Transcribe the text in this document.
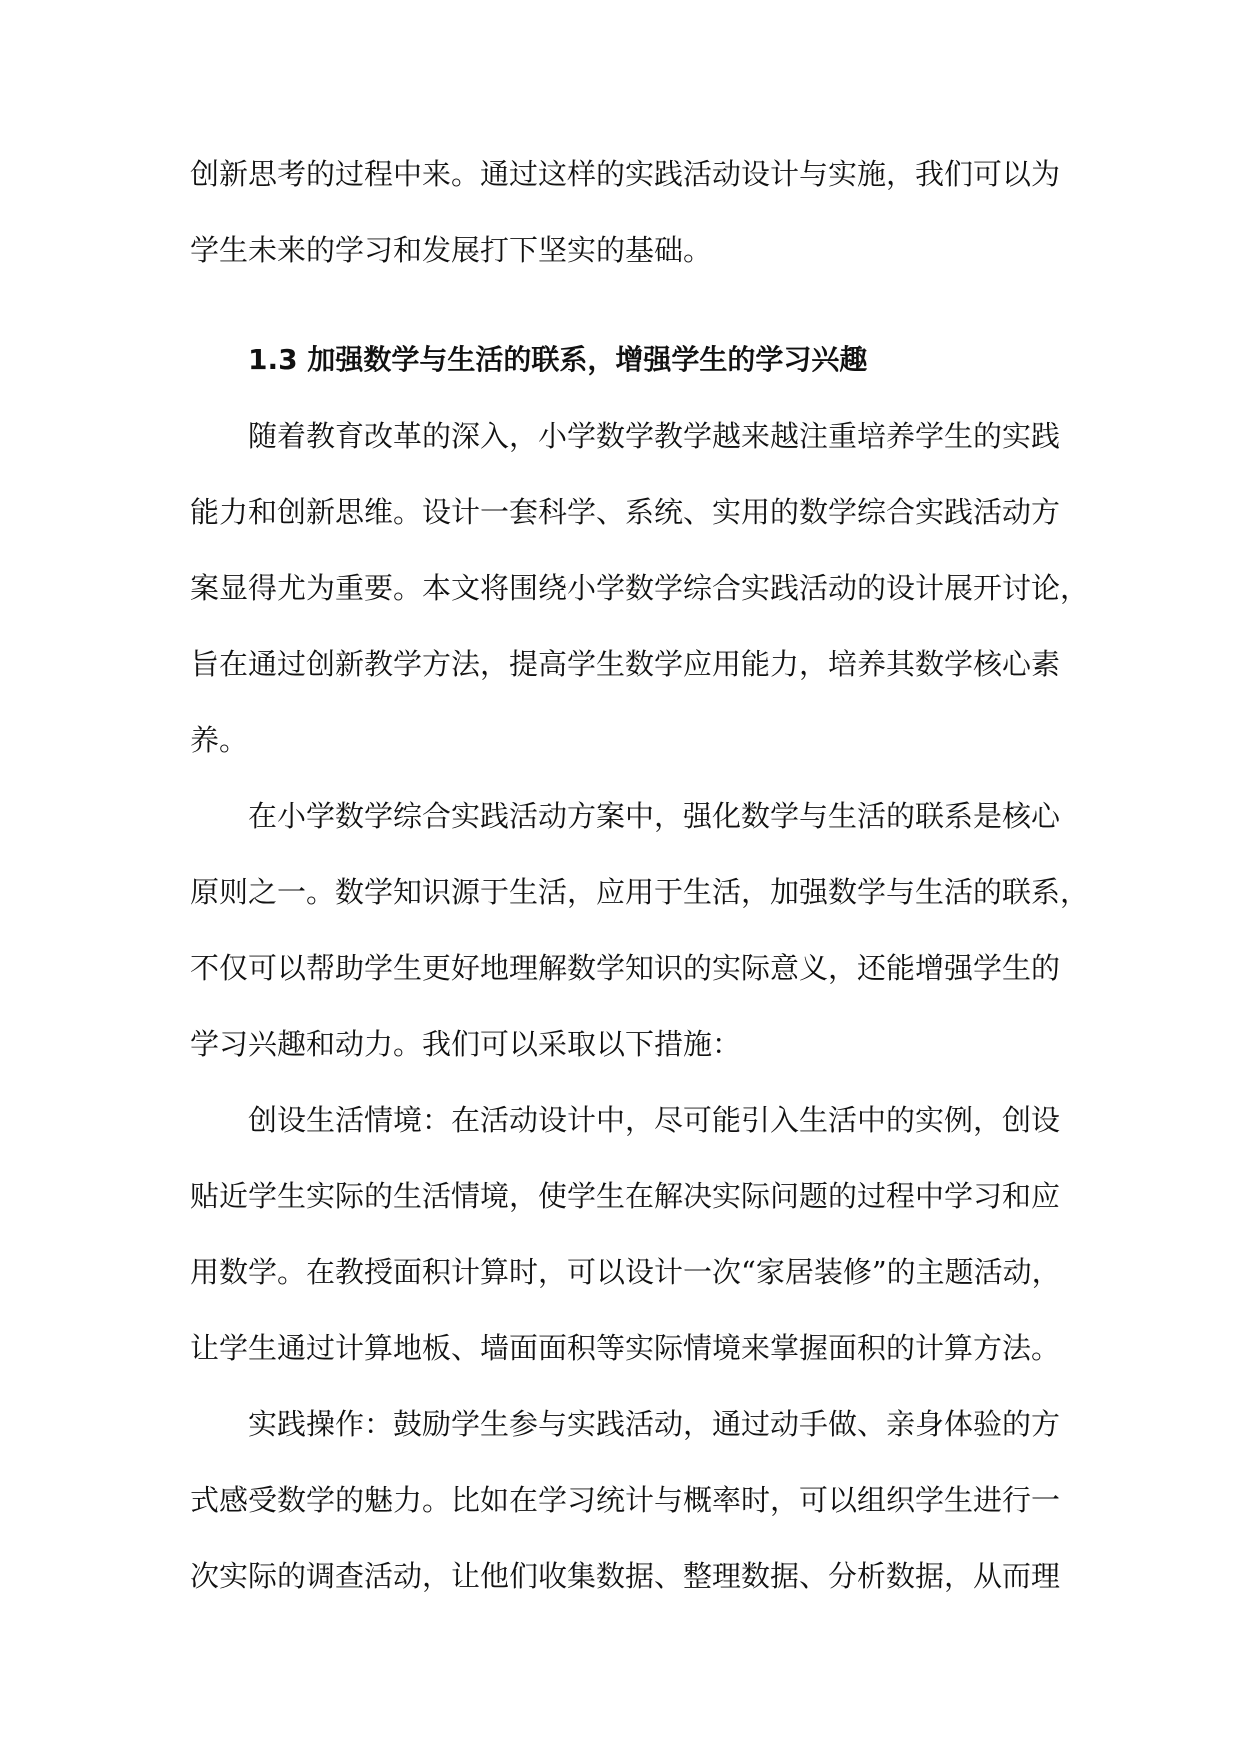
创新思考的过程中来。通过这样的实践活动设计与实施，我们可以为
学生未来的学习和发展打下坚实的基础。
1.3 加强数学与生活的联系，增强学生的学习兴趣
随着教育改革的深入，小学数学教学越来越注重培养学生的实践
能力和创新思维。设计一套科学、系统、实用的数学综合实践活动方
案显得尤为重要。本文将围绕小学数学综合实践活动的设计展开讨论，
旨在通过创新教学方法，提高学生数学应用能力，培养其数学核心素
养。
在小学数学综合实践活动方案中，强化数学与生活的联系是核心
原则之一。数学知识源于生活，应用于生活，加强数学与生活的联系，
不仅可以帮助学生更好地理解数学知识的实际意义，还能增强学生的
学习兴趣和动力。我们可以采取以下措施：
创设生活情境：在活动设计中，尽可能引入生活中的实例，创设
贴近学生实际的生活情境，使学生在解决实际问题的过程中学习和应
用数学。在教授面积计算时，可以设计一次“家居装修”的主题活动，
让学生通过计算地板、墙面面积等实际情境来掌握面积的计算方法。
实践操作：鼓励学生参与实践活动，通过动手做、亲身体验的方
式感受数学的魅力。比如在学习统计与概率时，可以组织学生进行一
次实际的调查活动，让他们收集数据、整理数据、分析数据，从而理
